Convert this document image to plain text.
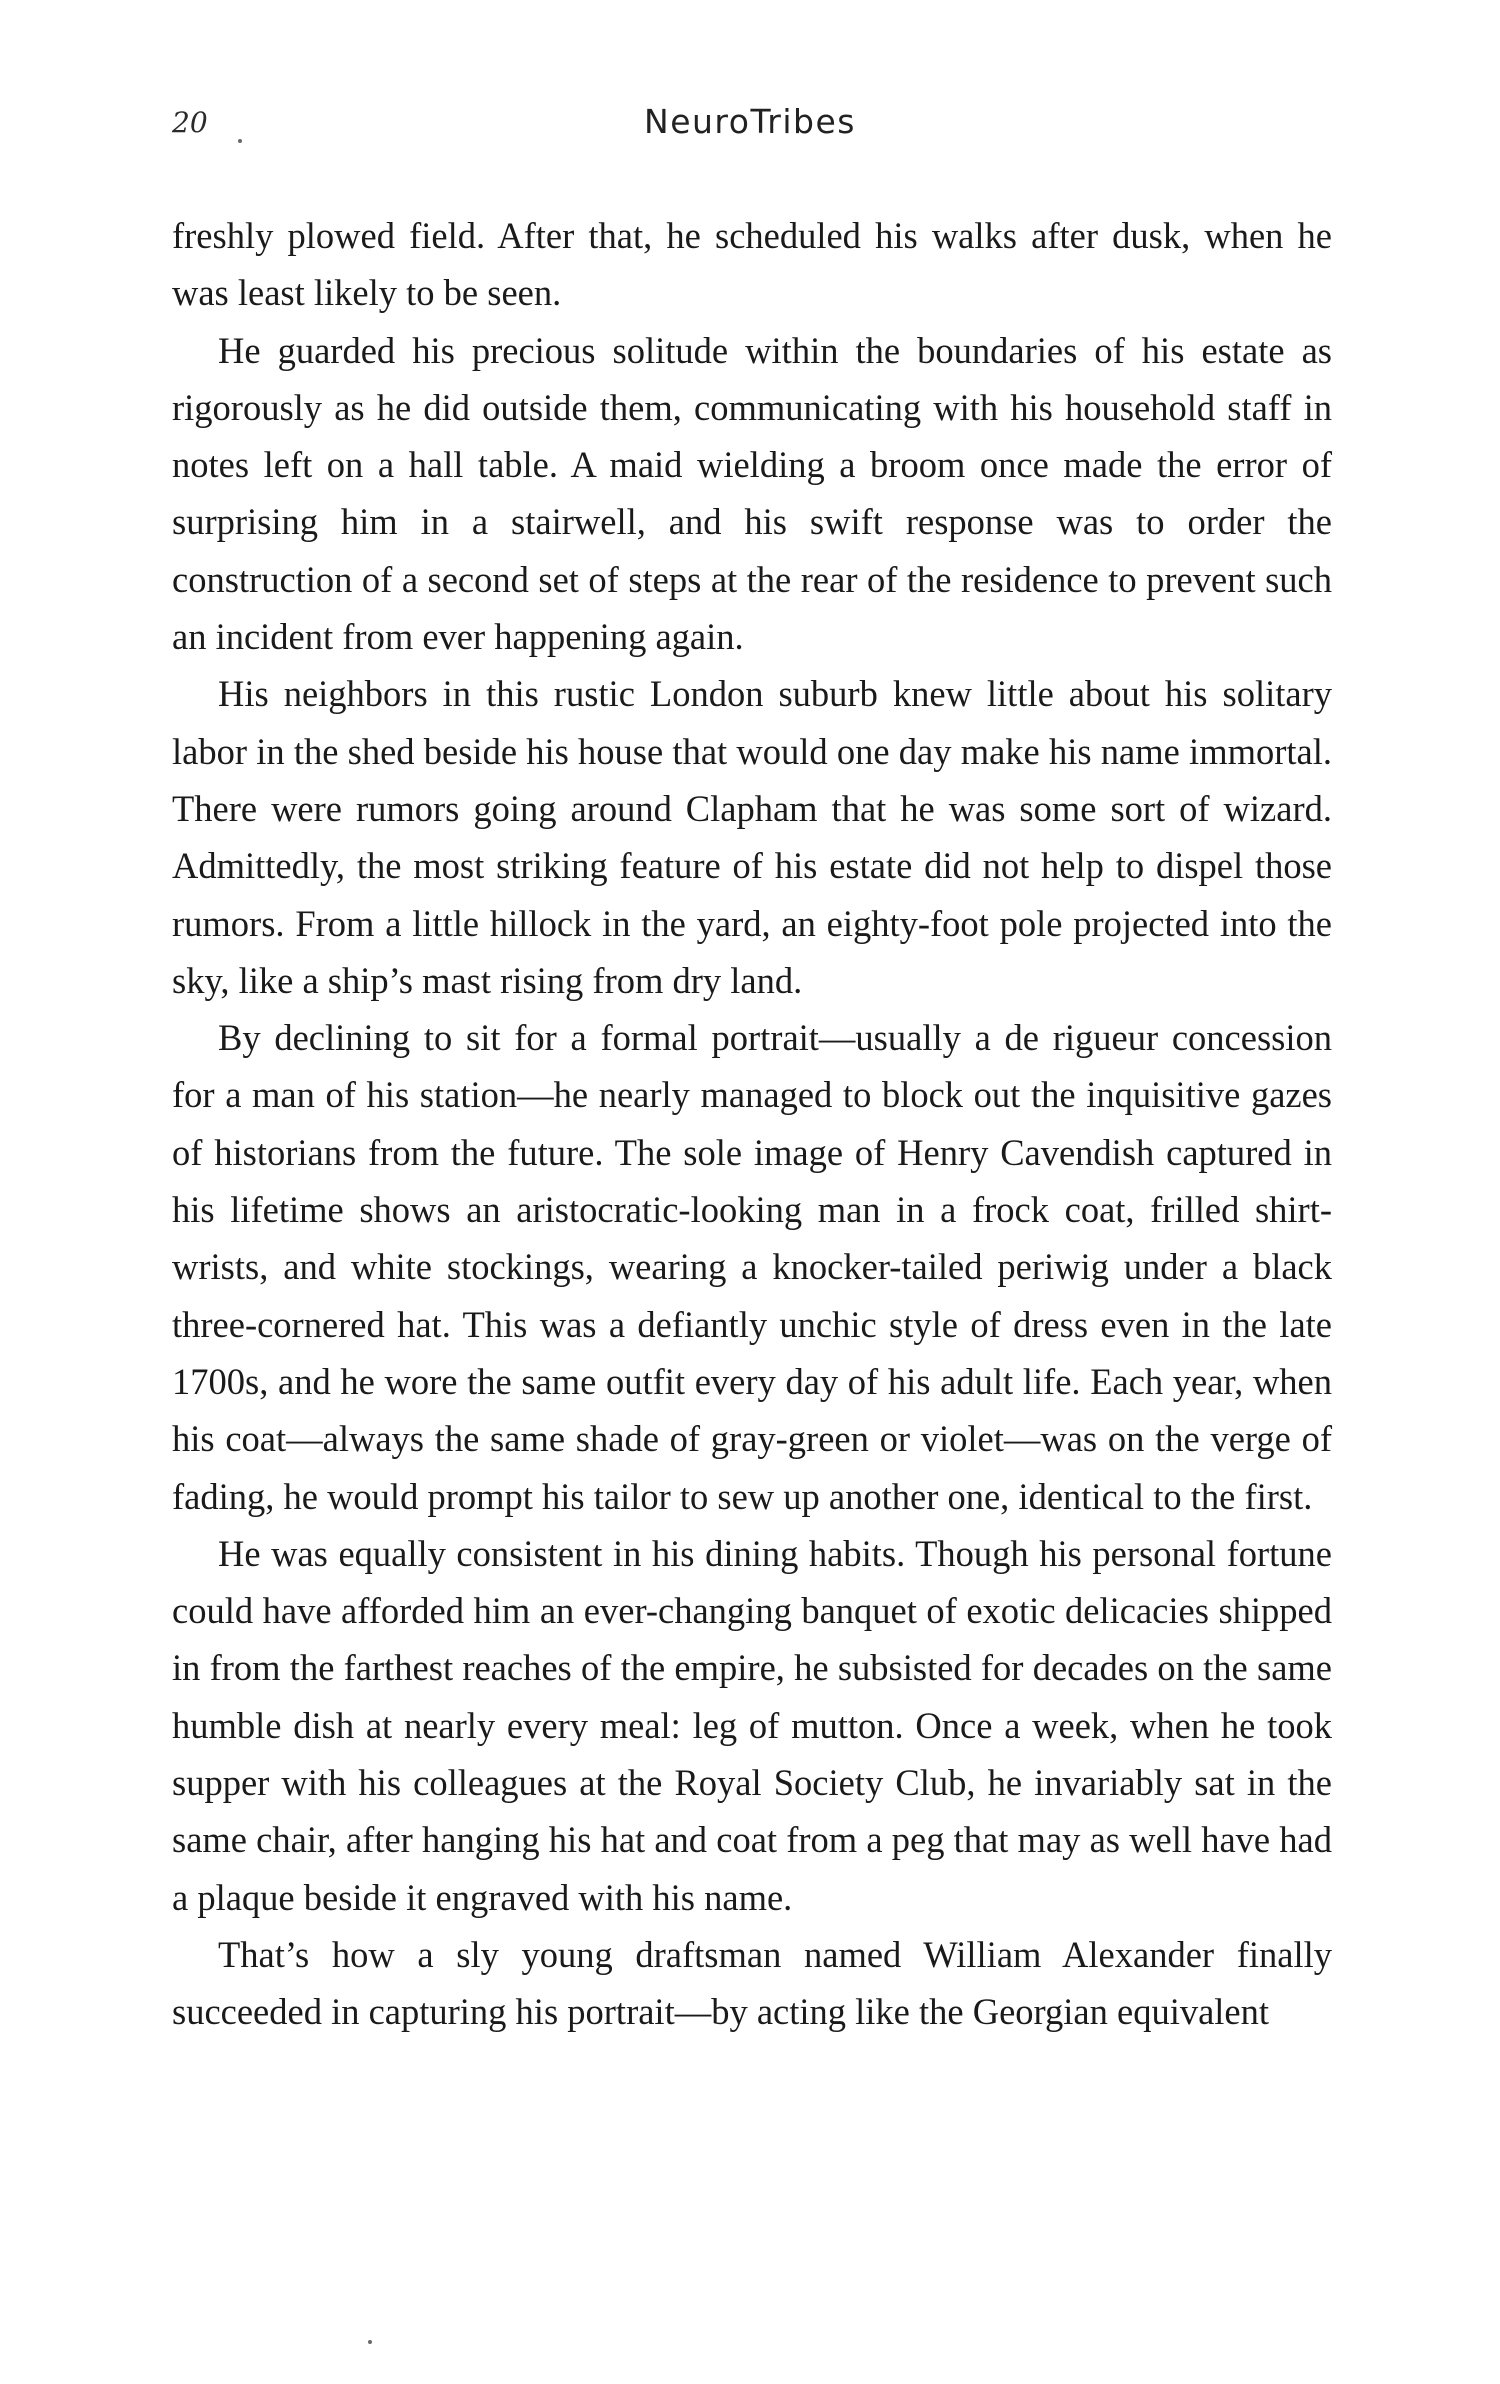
20	NeuroTribes

freshly plowed field. After that, he scheduled his walks after dusk, when he was least likely to be seen.

He guarded his precious solitude within the boundaries of his estate as rigorously as he did outside them, communicating with his household staff in notes left on a hall table. A maid wielding a broom once made the error of surprising him in a stairwell, and his swift response was to order the construction of a second set of steps at the rear of the residence to prevent such an incident from ever happening again.

His neighbors in this rustic London suburb knew little about his solitary labor in the shed beside his house that would one day make his name immortal. There were rumors going around Clapham that he was some sort of wizard. Admittedly, the most striking feature of his estate did not help to dispel those rumors. From a little hillock in the yard, an eighty-foot pole projected into the sky, like a ship’s mast rising from dry land.

By declining to sit for a formal portrait—usually a de rigueur concession for a man of his station—he nearly managed to block out the inquisitive gazes of historians from the future. The sole image of Henry Cavendish captured in his lifetime shows an aristocratic-looking man in a frock coat, frilled shirt-wrists, and white stockings, wearing a knocker-tailed periwig under a black three-cornered hat. This was a defiantly unchic style of dress even in the late 1700s, and he wore the same outfit every day of his adult life. Each year, when his coat—always the same shade of gray-green or violet—was on the verge of fading, he would prompt his tailor to sew up another one, identical to the first.

He was equally consistent in his dining habits. Though his personal fortune could have afforded him an ever-changing banquet of exotic delicacies shipped in from the farthest reaches of the empire, he subsisted for decades on the same humble dish at nearly every meal: leg of mutton. Once a week, when he took supper with his colleagues at the Royal Society Club, he invariably sat in the same chair, after hanging his hat and coat from a peg that may as well have had a plaque beside it engraved with his name.

That’s how a sly young draftsman named William Alexander finally succeeded in capturing his portrait—by acting like the Georgian equivalent
